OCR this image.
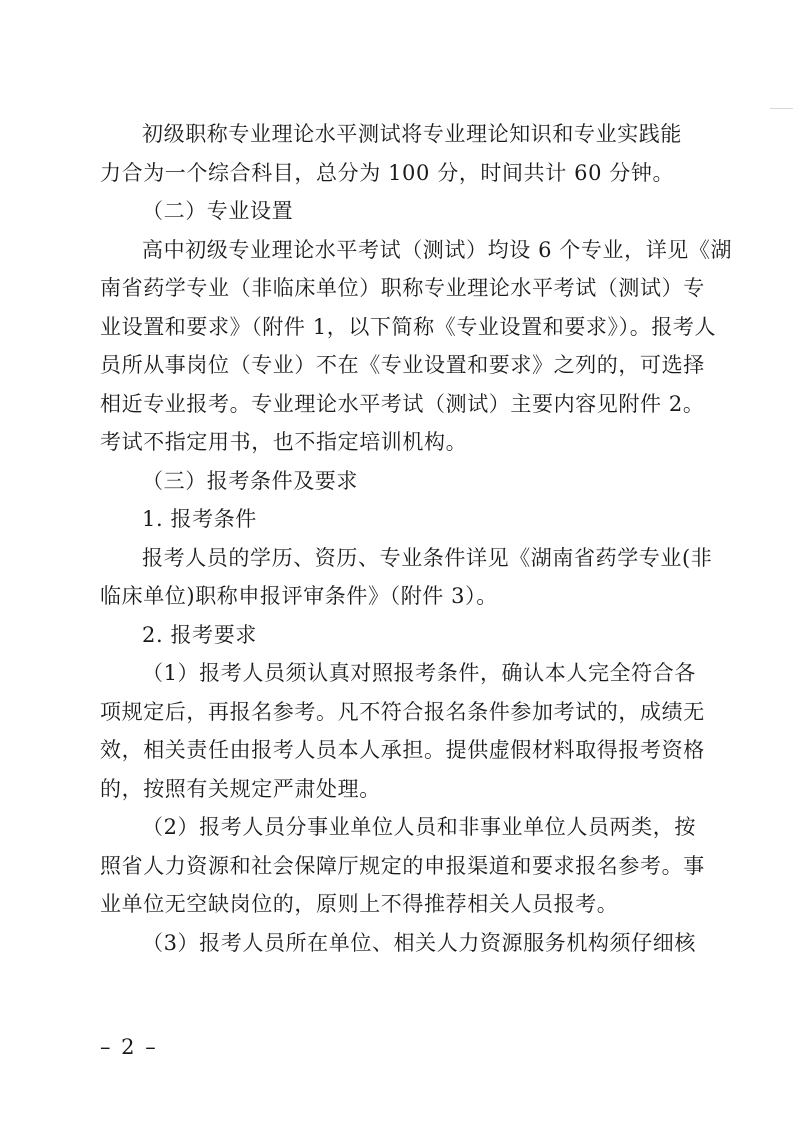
初级职称专业理论水平测试将专业理论知识和专业实践能
力合为一个综合科目，总分为 100 分，时间共计 60 分钟。
（二）专业设置
高中初级专业理论水平考试（测试）均设 6 个专业，详见《湖
南省药学专业（非临床单位）职称专业理论水平考试（测试）专
业设置和要求》（附件 1，以下简称《专业设置和要求》）。报考人
员所从事岗位（专业）不在《专业设置和要求》之列的，可选择
相近专业报考。专业理论水平考试（测试）主要内容见附件 2。
考试不指定用书，也不指定培训机构。
（三）报考条件及要求
1. 报考条件
报考人员的学历、资历、专业条件详见《湖南省药学专业(非
临床单位)职称申报评审条件》（附件 3）。
2. 报考要求
（1）报考人员须认真对照报考条件，确认本人完全符合各
项规定后，再报名参考。凡不符合报名条件参加考试的，成绩无
效，相关责任由报考人员本人承担。提供虚假材料取得报考资格
的，按照有关规定严肃处理。
（2）报考人员分事业单位人员和非事业单位人员两类，按
照省人力资源和社会保障厅规定的申报渠道和要求报名参考。事
业单位无空缺岗位的，原则上不得推荐相关人员报考。
（3）报考人员所在单位、相关人力资源服务机构须仔细核
– 2 –
